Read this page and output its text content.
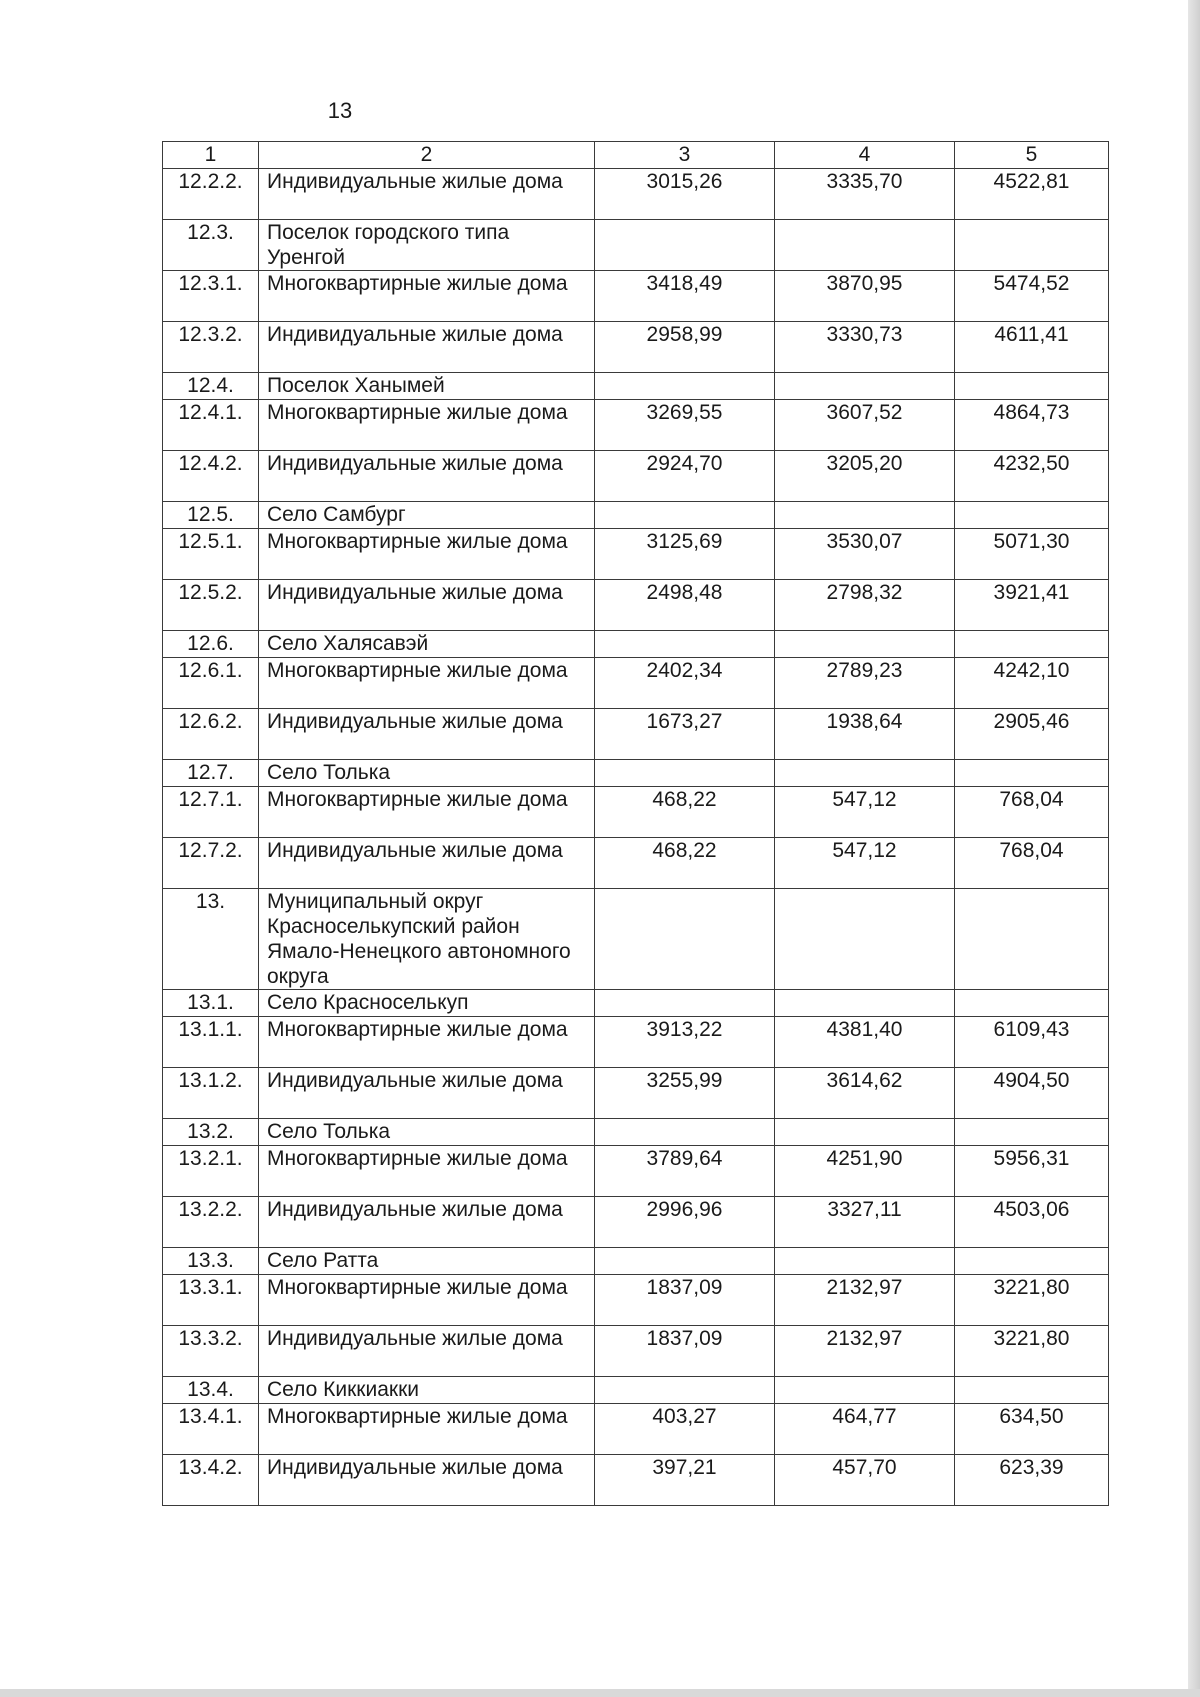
13
1	2	3	4	5
12.2.2.	Индивидуальные жилые дома	3015,26	3335,70	4522,81
12.3.	Поселок городского типа Уренгой			
12.3.1.	Многоквартирные жилые дома	3418,49	3870,95	5474,52
12.3.2.	Индивидуальные жилые дома	2958,99	3330,73	4611,41
12.4.	Поселок Ханымей			
12.4.1.	Многоквартирные жилые дома	3269,55	3607,52	4864,73
12.4.2.	Индивидуальные жилые дома	2924,70	3205,20	4232,50
12.5.	Село Самбург			
12.5.1.	Многоквартирные жилые дома	3125,69	3530,07	5071,30
12.5.2.	Индивидуальные жилые дома	2498,48	2798,32	3921,41
12.6.	Село Халясавэй			
12.6.1.	Многоквартирные жилые дома	2402,34	2789,23	4242,10
12.6.2.	Индивидуальные жилые дома	1673,27	1938,64	2905,46
12.7.	Село Толька			
12.7.1.	Многоквартирные жилые дома	468,22	547,12	768,04
12.7.2.	Индивидуальные жилые дома	468,22	547,12	768,04
13.	Муниципальный округ Красноселькупский район Ямало-Ненецкого автономного округа			
13.1.	Село Красноселькуп			
13.1.1.	Многоквартирные жилые дома	3913,22	4381,40	6109,43
13.1.2.	Индивидуальные жилые дома	3255,99	3614,62	4904,50
13.2.	Село Толька			
13.2.1.	Многоквартирные жилые дома	3789,64	4251,90	5956,31
13.2.2.	Индивидуальные жилые дома	2996,96	3327,11	4503,06
13.3.	Село Ратта			
13.3.1.	Многоквартирные жилые дома	1837,09	2132,97	3221,80
13.3.2.	Индивидуальные жилые дома	1837,09	2132,97	3221,80
13.4.	Село Киккиакки			
13.4.1.	Многоквартирные жилые дома	403,27	464,77	634,50
13.4.2.	Индивидуальные жилые дома	397,21	457,70	623,39
